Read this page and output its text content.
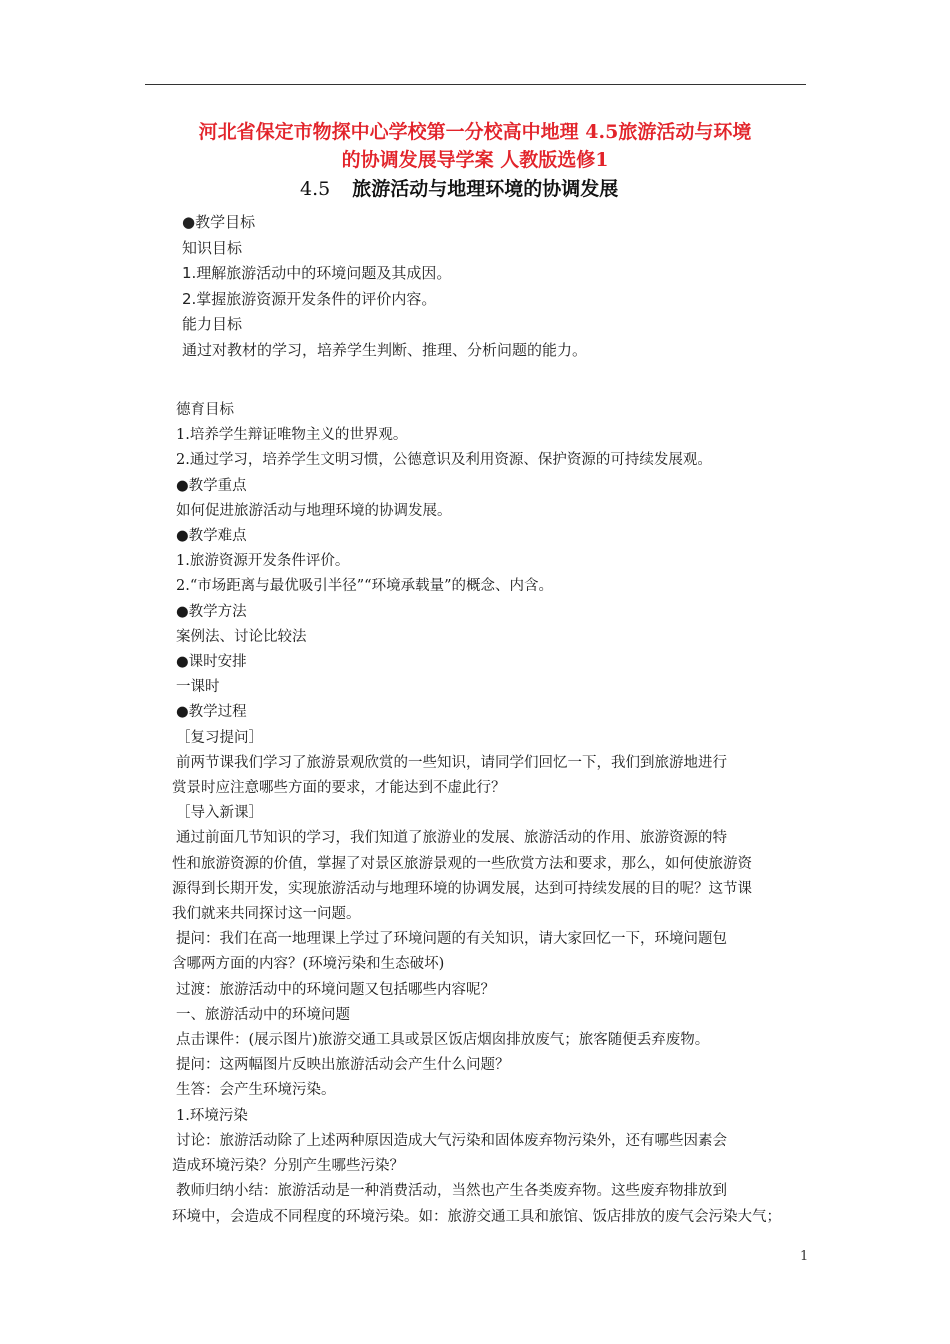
河北省保定市物探中心学校第一分校高中地理 4.5旅游活动与环境
的协调发展导学案 人教版选修1
4.5 旅游活动与地理环境的协调发展

●教学目标

知识目标

1.理解旅游活动中的环境问题及其成因。

2.掌握旅游资源开发条件的评价内容。

能力目标

通过对教材的学习，培养学生判断、推理、分析问题的能力。

德育目标

1.培养学生辩证唯物主义的世界观。

2.通过学习，培养学生文明习惯，公德意识及利用资源、保护资源的可持续发展观。

●教学重点

如何促进旅游活动与地理环境的协调发展。

●教学难点

1.旅游资源开发条件评价。

2.“市场距离与最优吸引半径”“环境承载量”的概念、内含。

●教学方法

案例法、讨论比较法

●课时安排

一课时

●教学过程

［复习提问］

前两节课我们学习了旅游景观欣赏的一些知识，请同学们回忆一下，我们到旅游地进行

赏景时应注意哪些方面的要求，才能达到不虚此行？

［导入新课］

通过前面几节知识的学习，我们知道了旅游业的发展、旅游活动的作用、旅游资源的特

性和旅游资源的价值，掌握了对景区旅游景观的一些欣赏方法和要求，那么，如何使旅游资

源得到长期开发，实现旅游活动与地理环境的协调发展，达到可持续发展的目的呢？这节课

我们就来共同探讨这一问题。

提问：我们在高一地理课上学过了环境问题的有关知识，请大家回忆一下，环境问题包

含哪两方面的内容？(环境污染和生态破坏)

过渡：旅游活动中的环境问题又包括哪些内容呢？

一、旅游活动中的环境问题

点击课件：(展示图片)旅游交通工具或景区饭店烟囱排放废气；旅客随便丢弃废物。

提问：这两幅图片反映出旅游活动会产生什么问题？

生答：会产生环境污染。

1.环境污染

讨论：旅游活动除了上述两种原因造成大气污染和固体废弃物污染外，还有哪些因素会

造成环境污染？分别产生哪些污染？

教师归纳小结：旅游活动是一种消费活动，当然也产生各类废弃物。这些废弃物排放到

环境中，会造成不同程度的环境污染。如：旅游交通工具和旅馆、饭店排放的废气会污染大气；

1
